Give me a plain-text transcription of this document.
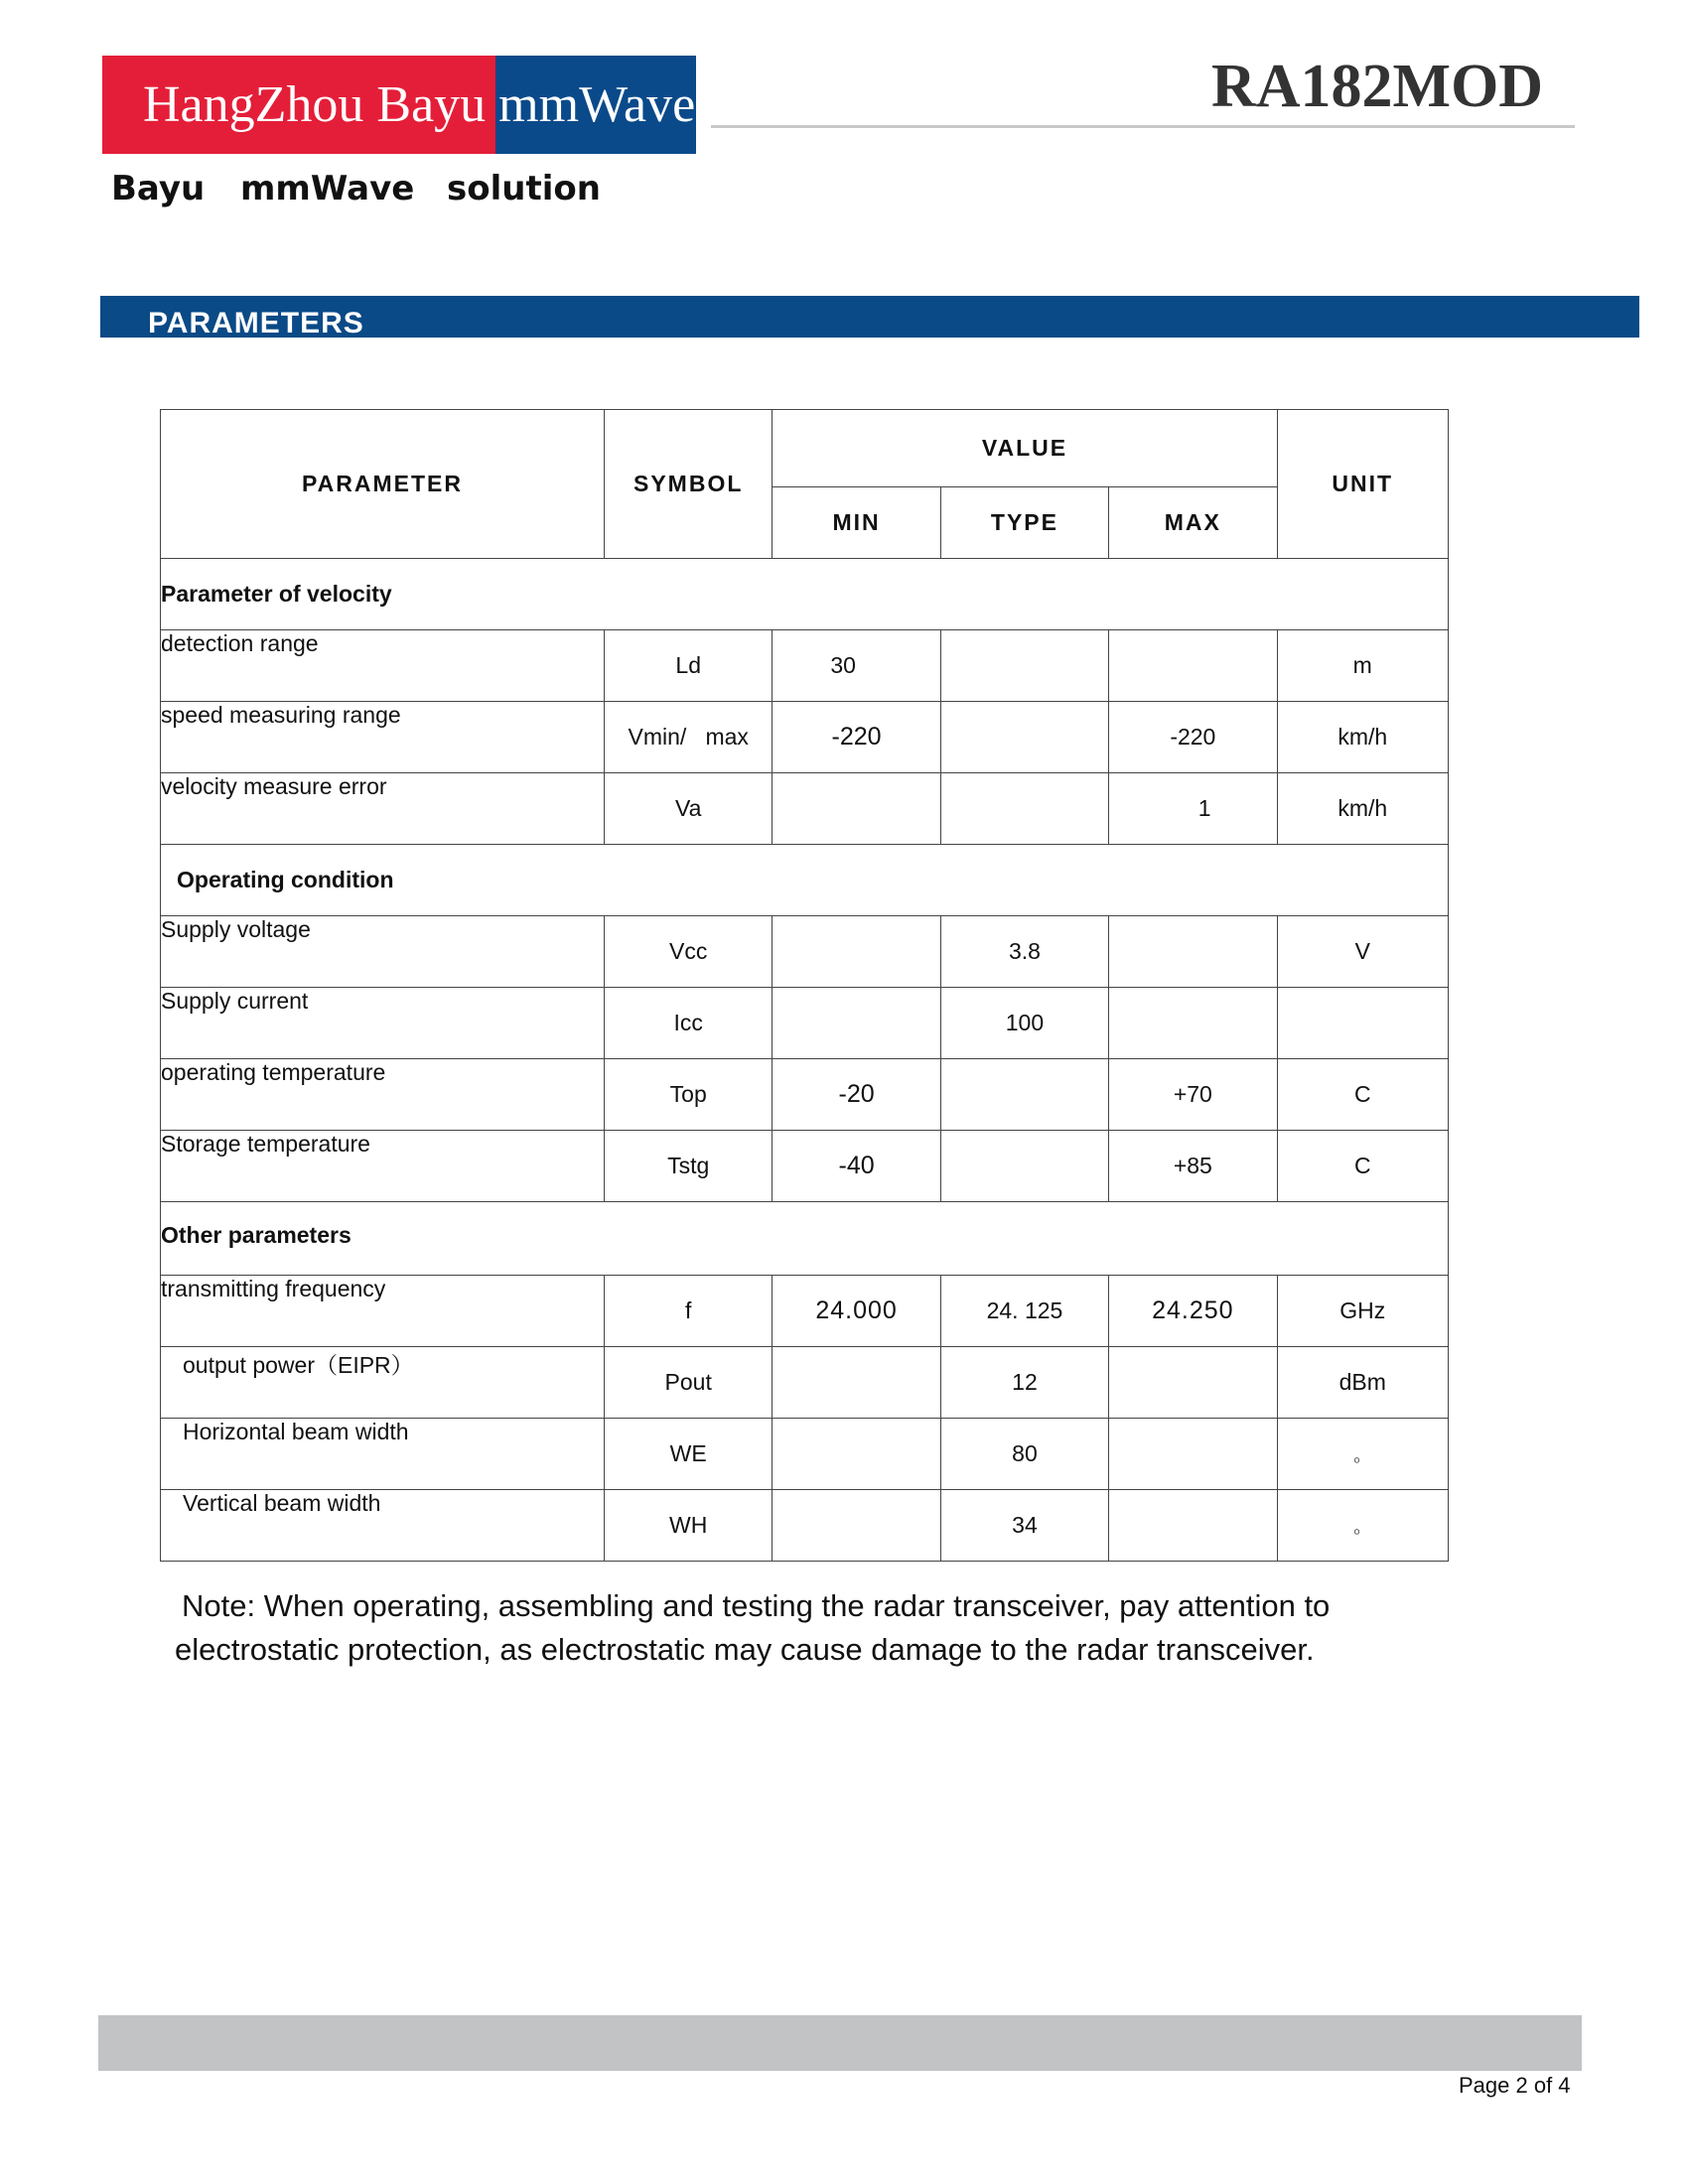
HangZhou Bayu mmWave	RA182MOD
Bayu mmWave solution
PARAMETERS
PARAMETER	SYMBOL	VALUE			UNIT
		MIN	TYPE	MAX	
Parameter of velocity					
detection range	Ld	30			m
speed measuring range	Vmin/   max	-220		-220	km/h
velocity measure error	Va			1	km/h
Operating condition					
Supply voltage	Vcc		3.8		V
Supply current	Icc		100		
operating temperature	Top	-20		+70	C
Storage temperature	Tstg	-40		+85	C
Other parameters					
transmitting frequency	f	24.000	24. 125	24.250	GHz
output power（EIPR）	Pout		12		dBm
Horizontal beam width	WE		80		。
Vertical beam width	WH		34		。
Note: When operating, assembling and testing the radar transceiver, pay attention to
electrostatic protection, as electrostatic may cause damage to the radar transceiver.
Page 2 of 4
